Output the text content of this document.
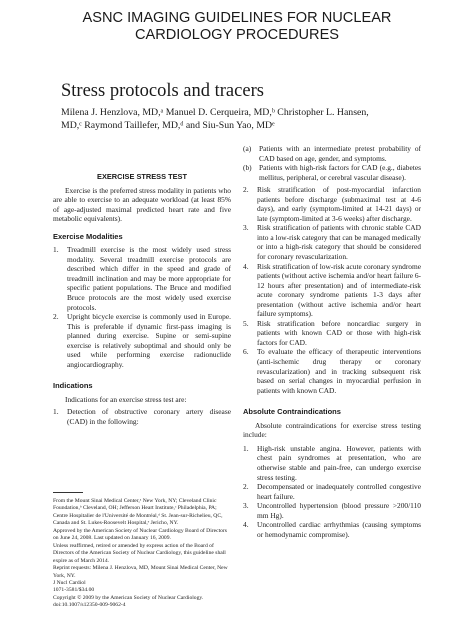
ASNC IMAGING GUIDELINES FOR NUCLEAR
CARDIOLOGY PROCEDURES
Stress protocols and tracers
Milena J. Henzlova, MD,ᵃ Manuel D. Cerqueira, MD,ᵇ Christopher L. Hansen,
MD,ᶜ Raymond Taillefer, MD,ᵈ and Siu-Sun Yao, MDᵉ
EXERCISE STRESS TEST
Exercise is the preferred stress modality in patients who are able to exercise to an adequate workload (at least 85% of age-adjusted maximal predicted heart rate and five metabolic equivalents).
Exercise Modalities
1.	Treadmill exercise is the most widely used stress modality. Several treadmill exercise protocols are described which differ in the speed and grade of treadmill inclination and may be more appropriate for specific patient populations. The Bruce and modified Bruce protocols are the most widely used exercise protocols.
2.	Upright bicycle exercise is commonly used in Europe. This is preferable if dynamic first-pass imaging is planned during exercise. Supine or semi-supine exercise is relatively suboptimal and should only be used while performing exercise radionuclide angiocardiography.
Indications
Indications for an exercise stress test are:
1.	Detection of obstructive coronary artery disease (CAD) in the following:
From the Mount Sinai Medical Center,ᵃ New York, NY; Cleveland Clinic Foundation,ᵇ Cleveland, OH; Jefferson Heart Institute,ᶜ Philadelphia, PA; Centre Hospitalier de l'Université de Montréal,ᵈ St. Jean-sur-Richelieu, QC, Canada and St. Lukes-Roosevelt Hospital,ᵉ Jericho, NY.
Approved by the American Society of Nuclear Cardiology Board of Directors on June 24, 2008. Last updated on January 16, 2009.
Unless reaffirmed, retired or amended by express action of the Board of Directors of the American Society of Nuclear Cardiology, this guideline shall expire as of March 2014.
Reprint requests: Milena J. Henzlova, MD, Mount Sinai Medical Center, New York, NY.
J Nucl Cardiol
1071-3581/$34.00
Copyright © 2009 by the American Society of Nuclear Cardiology.
doi:10.1007/s12350-009-9062-4
(a)	Patients with an intermediate pretest probability of CAD based on age, gender, and symptoms.
(b) Patients with high-risk factors for CAD (e.g., diabetes mellitus, peripheral, or cerebral vascular disease).
2.	Risk stratification of post-myocardial infarction patients before discharge (submaximal test at 4-6 days), and early (symptom-limited at 14-21 days) or late (symptom-limited at 3-6 weeks) after discharge.
3.	Risk stratification of patients with chronic stable CAD into a low-risk category that can be managed medically or into a high-risk category that should be considered for coronary revascularization.
4.	Risk stratification of low-risk acute coronary syndrome patients (without active ischemia and/or heart failure 6-12 hours after presentation) and of intermediate-risk acute coronary syndrome patients 1-3 days after presentation (without active ischemia and/or heart failure symptoms).
5.	Risk stratification before noncardiac surgery in patients with known CAD or those with high-risk factors for CAD.
6.	To evaluate the efficacy of therapeutic interventions (anti-ischemic drug therapy or coronary revascularization) and in tracking subsequent risk based on serial changes in myocardial perfusion in patients with known CAD.
Absolute Contraindications
Absolute contraindications for exercise stress testing include:
1.	High-risk unstable angina. However, patients with chest pain syndromes at presentation, who are otherwise stable and pain-free, can undergo exercise stress testing.
2.	Decompensated or inadequately controlled congestive heart failure.
3.	Uncontrolled hypertension (blood pressure >200/110 mm Hg).
4.	Uncontrolled cardiac arrhythmias (causing symptoms or hemodynamic compromise).
